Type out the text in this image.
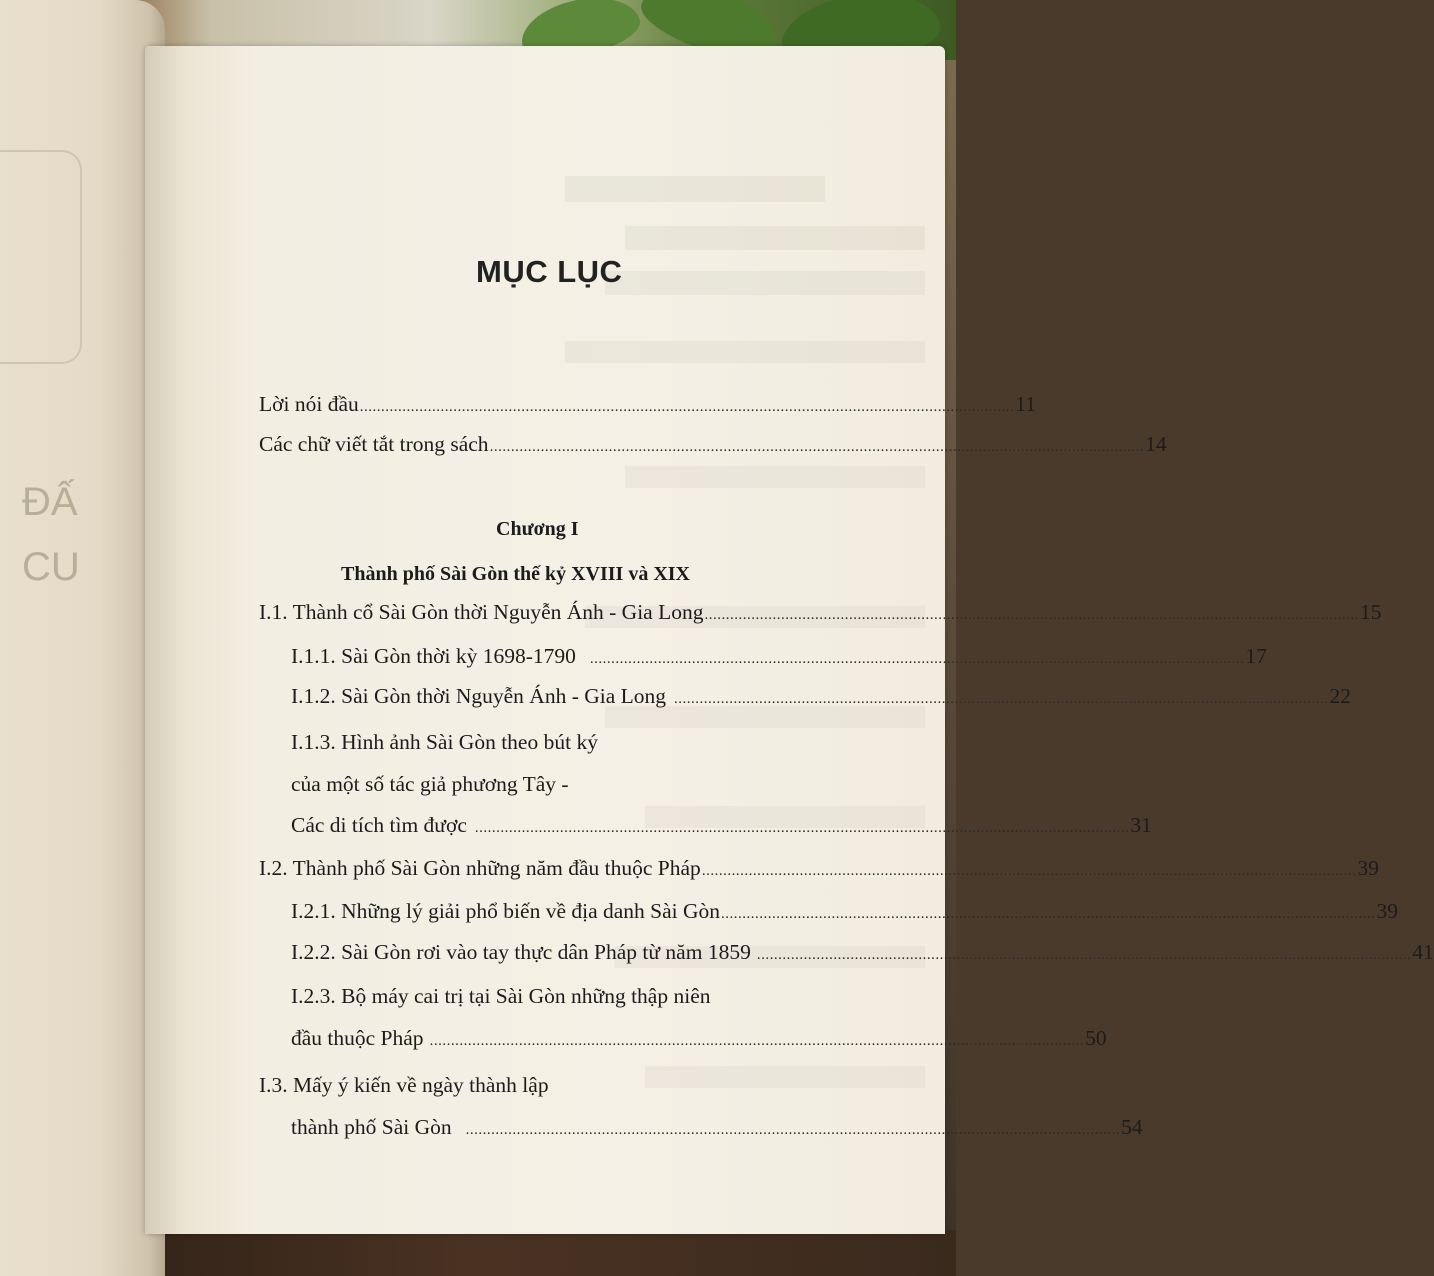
ĐẤ
CU
MỤC LỤC
Lời nói đầu .......................................................................................................................................................... 11
Các chữ viết tắt trong sách .......................................................................................................................................................... 14
Chương I
Thành phố Sài Gòn thế kỷ XVIII và XIX
I.1. Thành cổ Sài Gòn thời Nguyễn Ánh - Gia Long .......................................................................................................................................................... 15
I.1.1. Sài Gòn thời kỳ 1698-1790 .......................................................................................................................................................... 17
I.1.2. Sài Gòn thời Nguyễn Ánh - Gia Long .......................................................................................................................................................... 22
I.1.3. Hình ảnh Sài Gòn theo bút ký
của một số tác giả phương Tây -
Các di tích tìm được .......................................................................................................................................................... 31
I.2. Thành phố Sài Gòn những năm đầu thuộc Pháp .......................................................................................................................................................... 39
I.2.1. Những lý giải phổ biến về địa danh Sài Gòn .......................................................................................................................................................... 39
I.2.2. Sài Gòn rơi vào tay thực dân Pháp từ năm 1859 .......................................................................................................................................................... 41
I.2.3. Bộ máy cai trị tại Sài Gòn những thập niên
đầu thuộc Pháp .......................................................................................................................................................... 50
I.3. Mấy ý kiến về ngày thành lập
thành phố Sài Gòn .......................................................................................................................................................... 54
